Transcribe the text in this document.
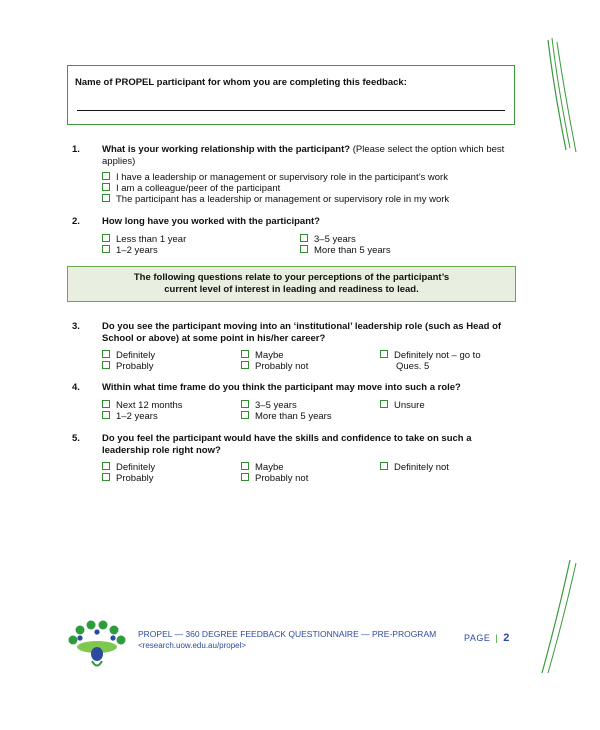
Name of PROPEL participant for whom you are completing this feedback:
1. What is your working relationship with the participant? (Please select the option which best applies)
I have a leadership or management or supervisory role in the participant’s work
I am a colleague/peer of the participant
The participant has a leadership or management or supervisory role in my work
2. How long have you worked with the participant?
Less than 1 year
1–2 years
3–5 years
More than 5 years
The following questions relate to your perceptions of the participant’s
current level of interest in leading and readiness to lead.
3. Do you see the participant moving into an ‘institutional’ leadership role (such as Head of School or above) at some point in his/her career?
Definitely
Probably
Maybe
Probably not
Definitely not – go to
Ques. 5
4. Within what time frame do you think the participant may move into such a role?
Next 12 months
1–2 years
3–5 years
More than 5 years
Unsure
5. Do you feel the participant would have the skills and confidence to take on such a leadership role right now?
Definitely
Probably
Maybe
Probably not
Definitely not
PROPEL — 360 DEGREE FEEDBACK QUESTIONNAIRE — PRE-PROGRAM
<research.uow.edu.au/propel>
PAGE | 2
